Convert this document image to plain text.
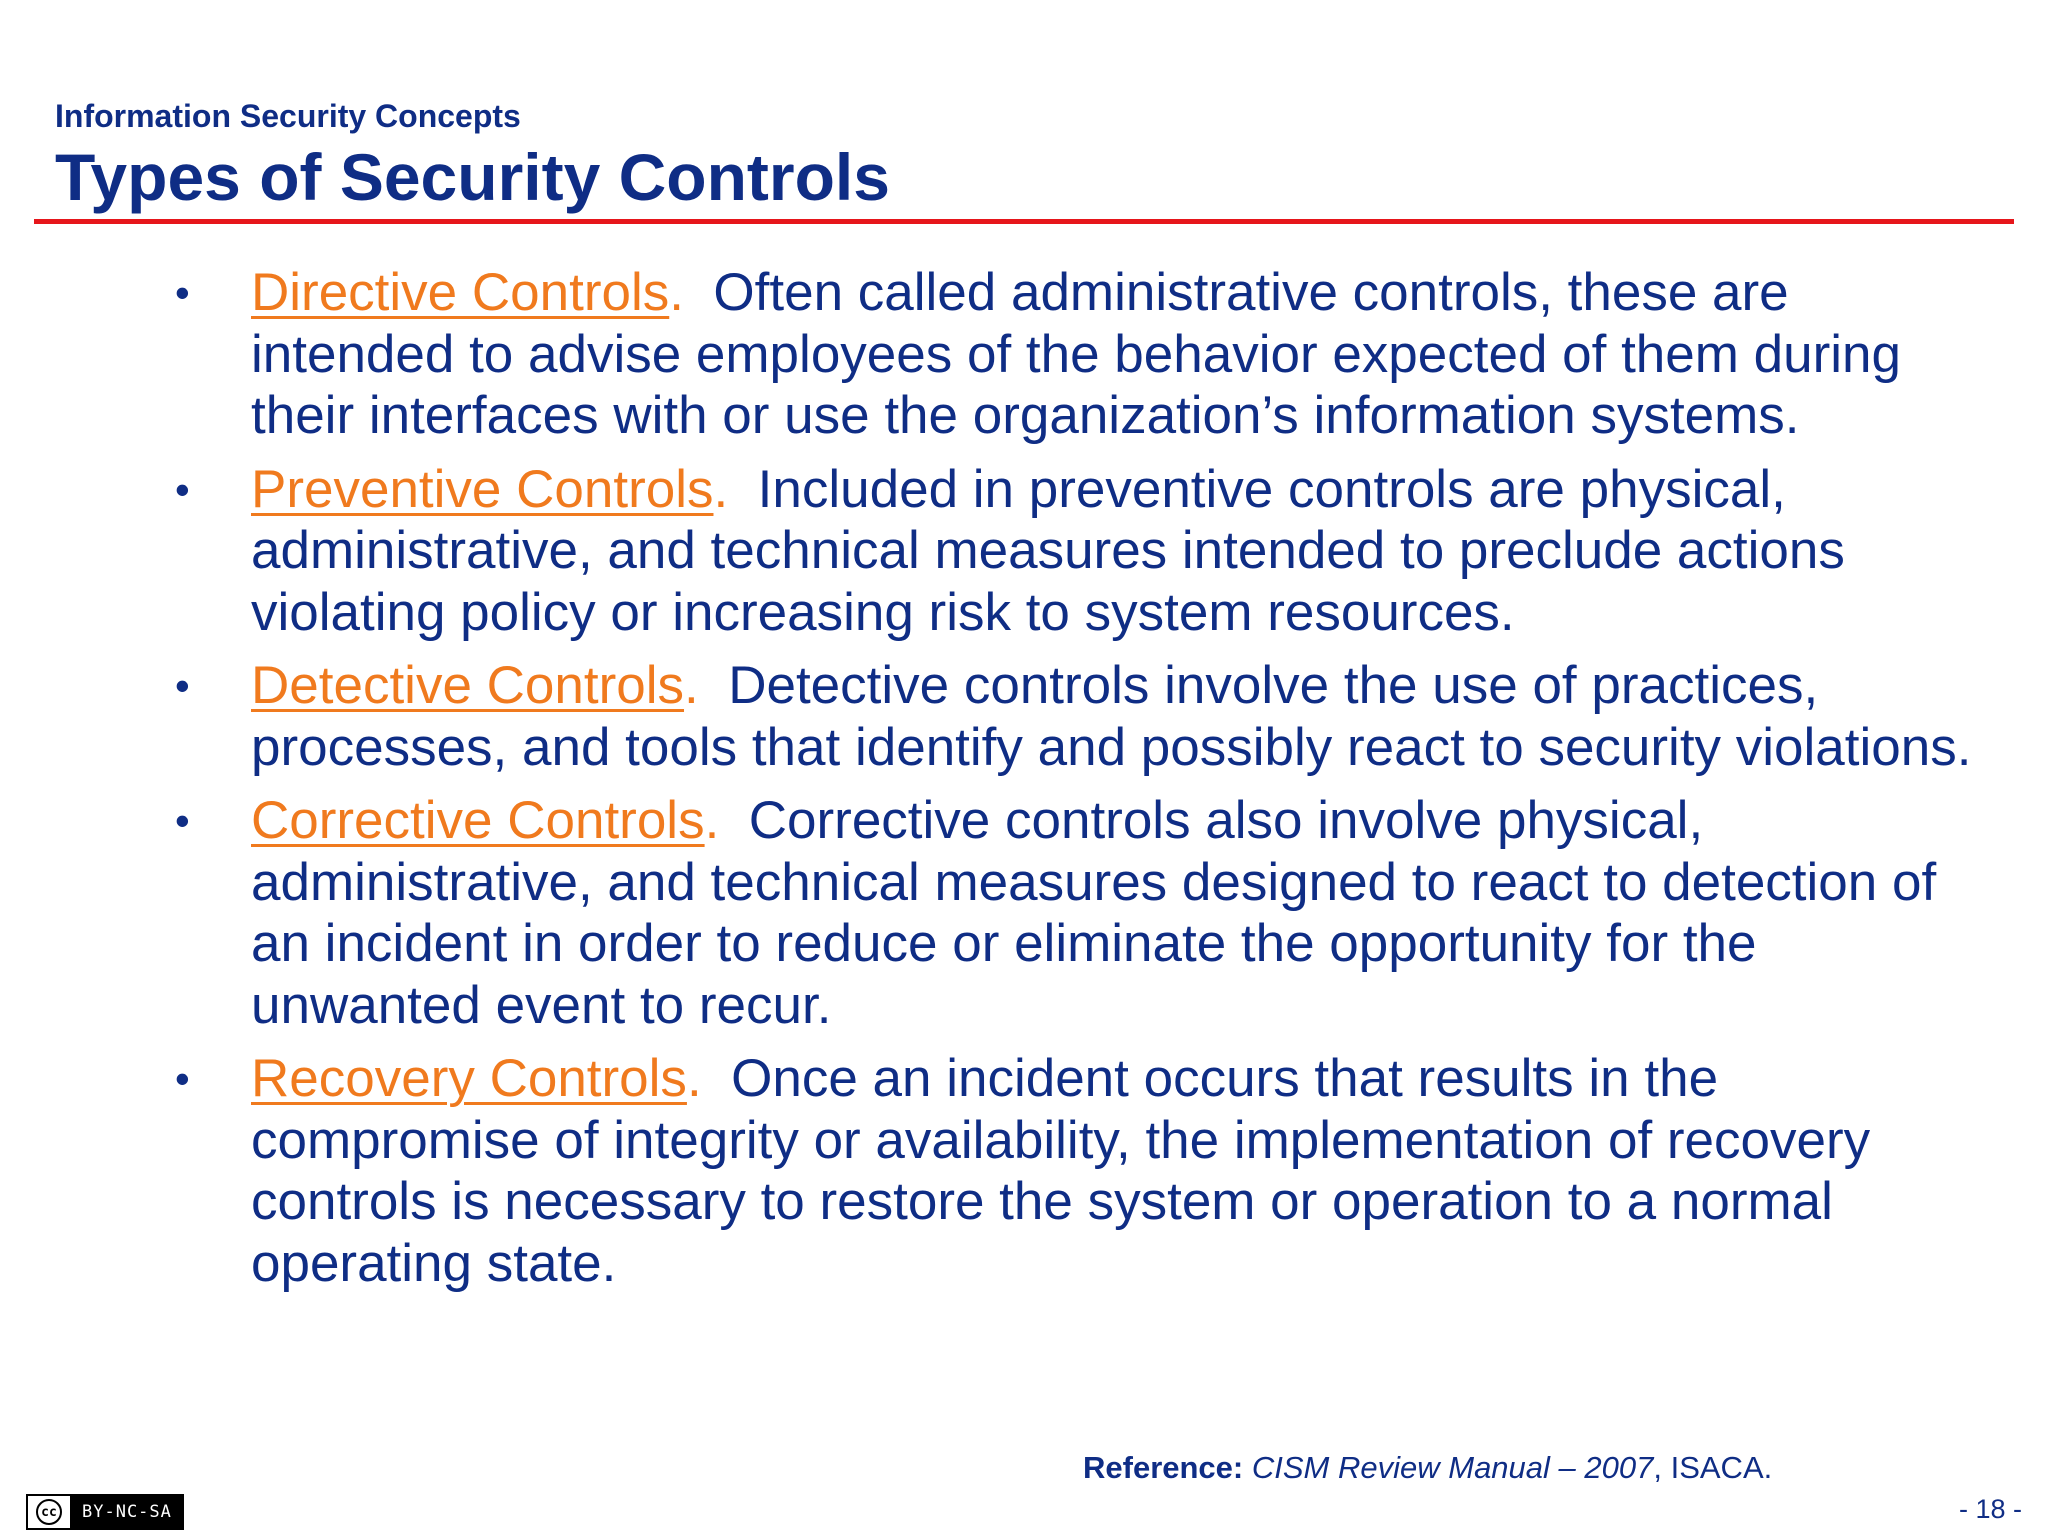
Information Security Concepts
Types of Security Controls
• Directive Controls.  Often called administrative controls, these are intended to advise employees of the behavior expected of them during their interfaces with or use the organization’s information systems.
• Preventive Controls.  Included in preventive controls are physical, administrative, and technical measures intended to preclude actions violating policy or increasing risk to system resources.
• Detective Controls.  Detective controls involve the use of practices, processes, and tools that identify and possibly react to security violations.
• Corrective Controls.  Corrective controls also involve physical, administrative, and technical measures designed to react to detection of an incident in order to reduce or eliminate the opportunity for the unwanted event to recur.
• Recovery Controls.  Once an incident occurs that results in the compromise of integrity or availability, the implementation of recovery controls is necessary to restore the system or operation to a normal operating state.
Reference: CISM Review Manual – 2007, ISACA.
cc	BY-NC-SA	- 18 -
